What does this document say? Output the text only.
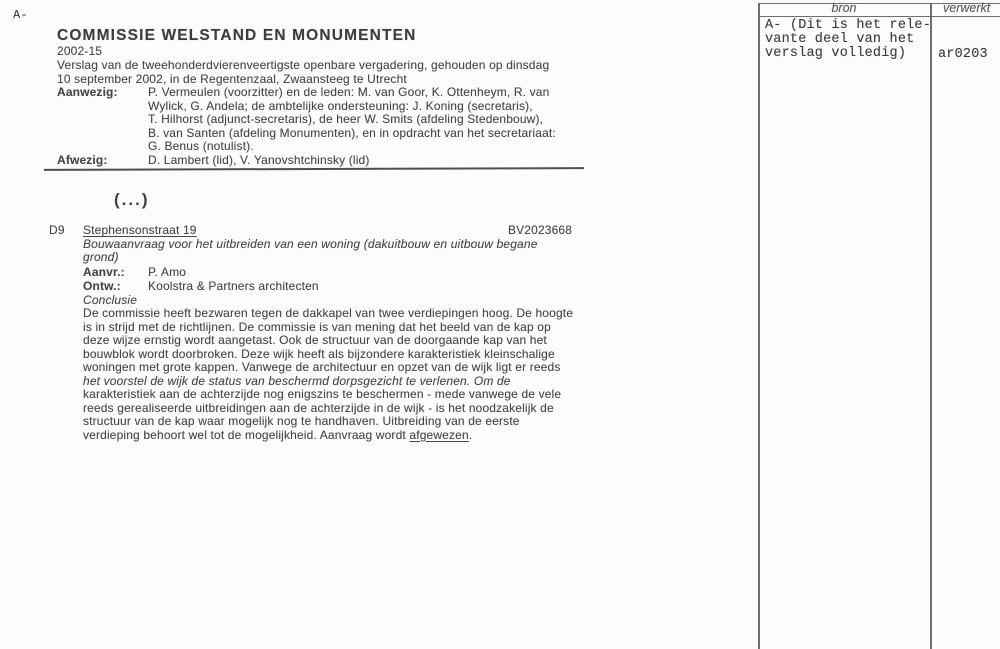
A-
COMMISSIE WELSTAND EN MONUMENTEN
2002-15
Verslag van de tweehonderdvierenveertigste openbare vergadering, gehouden op dinsdag
10 september 2002, in de Regentenzaal, Zwaansteeg te Utrecht
Aanwezig:	P. Vermeulen (voorzitter) en de leden: M. van Goor, K. Ottenheym, R. van
Wylick, G. Andela; de ambtelijke ondersteuning: J. Koning (secretaris),
T. Hilhorst (adjunct-secretaris), de heer W. Smits (afdeling Stedenbouw),
B. van Santen (afdeling Monumenten), en in opdracht van het secretariaat:
G. Benus (notulist).
Afwezig:	D. Lambert (lid), V. Yanovshtchinsky (lid)
(...)
D9 Stephensonstraat 19	BV2023668
Bouwaanvraag voor het uitbreiden van een woning (dakuitbouw en uitbouw begane
grond)
Aanvr.: P. Amo
Ontw.: Koolstra & Partners architecten
Conclusie
De commissie heeft bezwaren tegen de dakkapel van twee verdiepingen hoog. De hoogte
is in strijd met de richtlijnen. De commissie is van mening dat het beeld van de kap op
deze wijze ernstig wordt aangetast. Ook de structuur van de doorgaande kap van het
bouwblok wordt doorbroken. Deze wijk heeft als bijzondere karakteristiek kleinschalige
woningen met grote kappen. Vanwege de architectuur en opzet van de wijk ligt er reeds
het voorstel de wijk de status van beschermd dorpsgezicht te verlenen. Om de
karakteristiek aan de achterzijde nog enigszins te beschermen - mede vanwege de vele
reeds gerealiseerde uitbreidingen aan de achterzijde in de wijk - is het noodzakelijk de
structuur van de kap waar mogelijk nog te handhaven. Uitbreiding van de eerste
verdieping behoort wel tot de mogelijkheid. Aanvraag wordt afgewezen.
bron	verwerkt
A- (Dit is het rele-
vante deel van het
verslag volledig) ar0203
